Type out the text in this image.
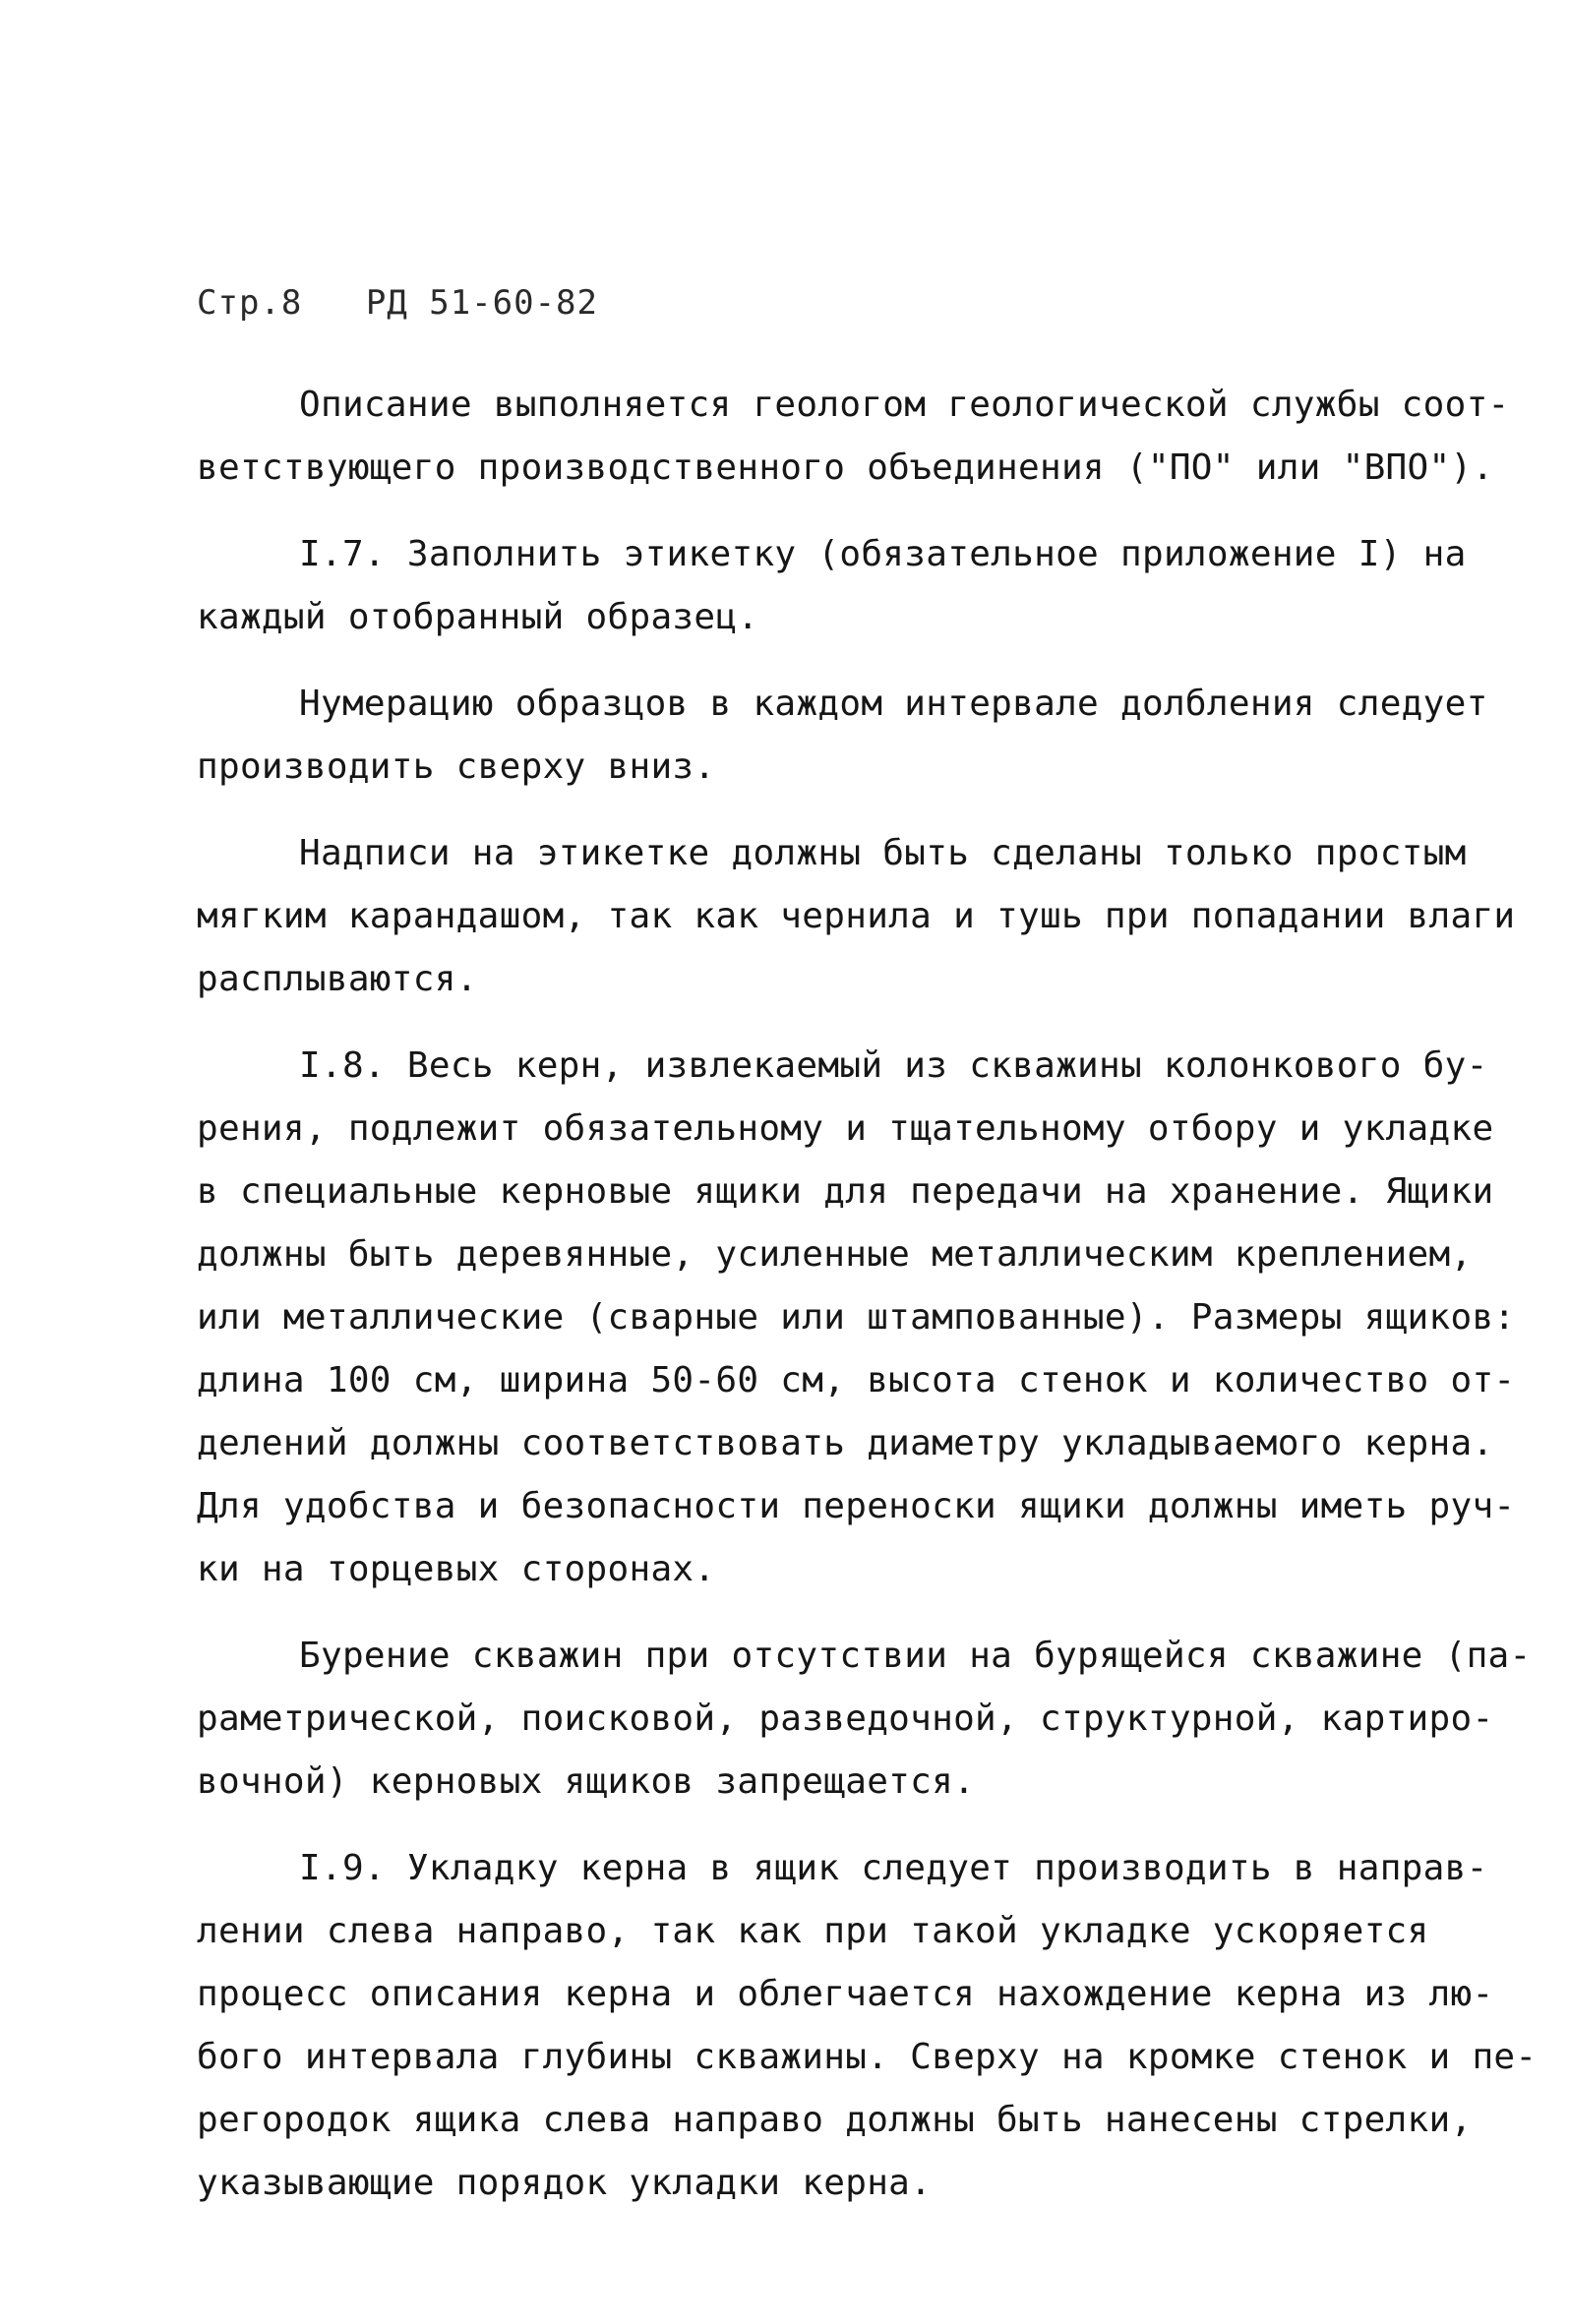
Стр.8 РД 51-60-82
Описание выполняется геологом геологической службы соот-
ветствующего производственного объединения ("ПО" или "ВПО").
I.7. Заполнить этикетку (обязательное приложение I) на
каждый отобранный образец.
Нумерацию образцов в каждом интервале долбления следует
производить сверху вниз.
Надписи на этикетке должны быть сделаны только простым
мягким карандашом, так как чернила и тушь при попадании влаги
расплываются.
I.8. Весь керн, извлекаемый из скважины колонкового бу-
рения, подлежит обязательному и тщательному отбору и укладке
в специальные керновые ящики для передачи на хранение. Ящики
должны быть деревянные, усиленные металлическим креплением,
или металлические (сварные или штампованные). Размеры ящиков:
длина 100 см, ширина 50-60 см, высота стенок и количество от-
делений должны соответствовать диаметру укладываемого керна.
Для удобства и безопасности переноски ящики должны иметь руч-
ки на торцевых сторонах.
Бурение скважин при отсутствии на бурящейся скважине (па-
раметрической, поисковой, разведочной, структурной, картиро-
вочной) керновых ящиков запрещается.
I.9. Укладку керна в ящик следует производить в направ-
лении слева направо, так как при такой укладке ускоряется
процесс описания керна и облегчается нахождение керна из лю-
бого интервала глубины скважины. Сверху на кромке стенок и пе-
регородок ящика слева направо должны быть нанесены стрелки,
указывающие порядок укладки керна.
